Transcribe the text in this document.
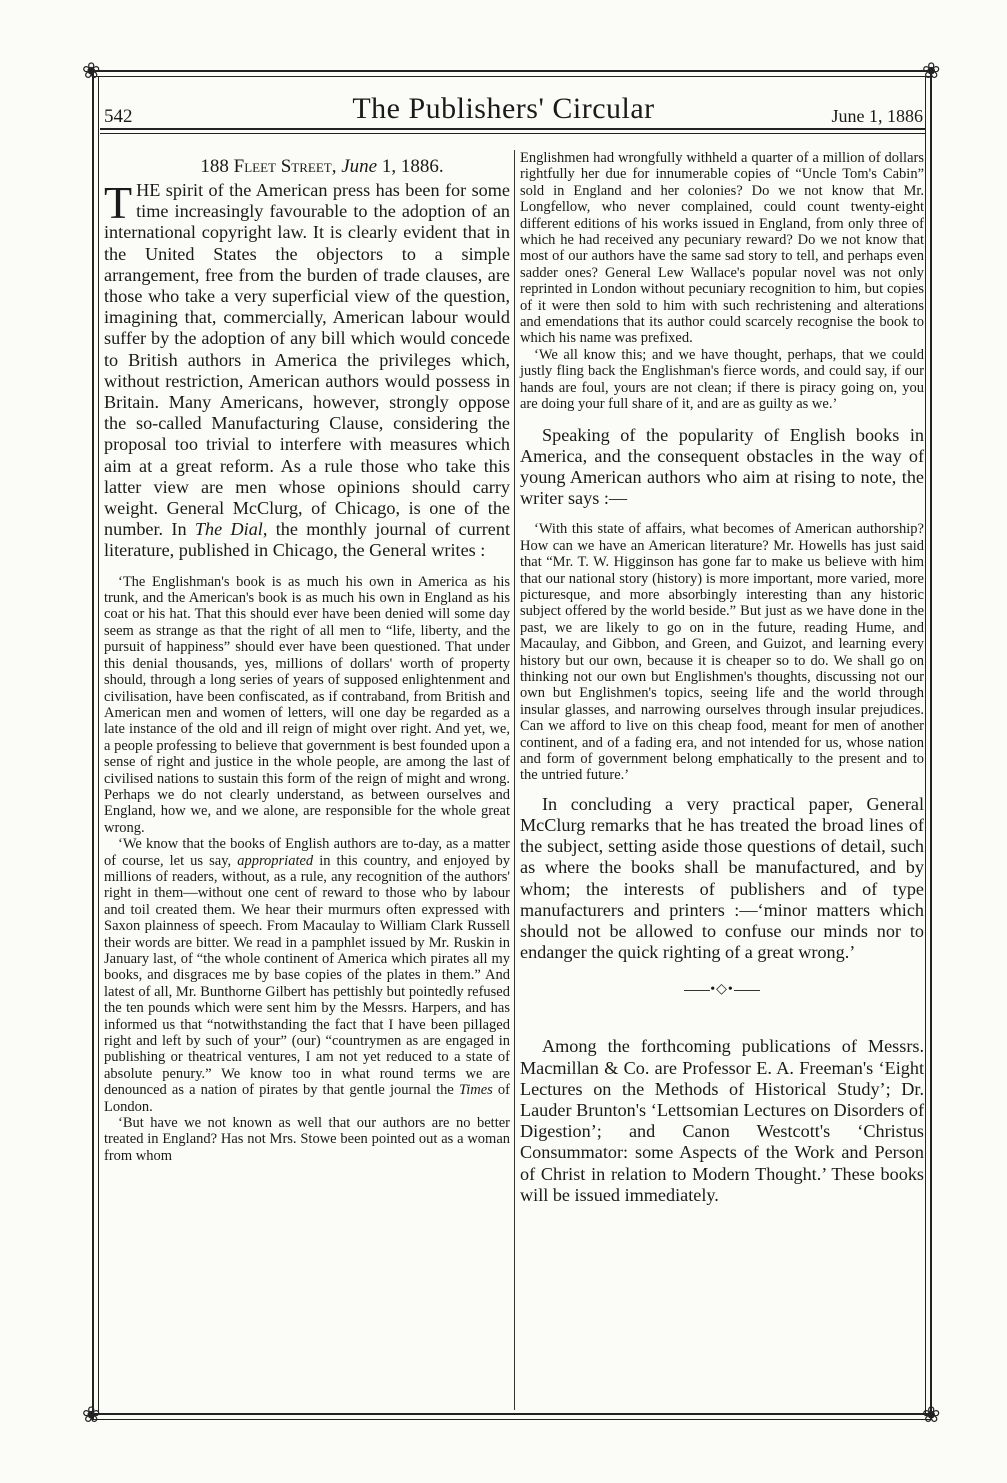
❀	❀
❀	❀
542	The Publishers' Circular	June 1, 1886
188 Fleet Street, June 1, 1886.

THE spirit of the American press has been for some time increasingly favourable to the adoption of an international copyright law. It is clearly evident that in the United States the objectors to a simple arrangement, free from the burden of trade clauses, are those who take a very superficial view of the question, imagining that, commercially, American labour would suffer by the adoption of any bill which would concede to British authors in America the privileges which, without restriction, American authors would possess in Britain. Many Americans, however, strongly oppose the so-called Manufacturing Clause, considering the proposal too trivial to interfere with measures which aim at a great reform. As a rule those who take this latter view are men whose opinions should carry weight. General McClurg, of Chicago, is one of the number. In The Dial, the monthly journal of current literature, published in Chicago, the General writes :

‘The Englishman's book is as much his own in America as his trunk, and the American's book is as much his own in England as his coat or his hat. That this should ever have been denied will some day seem as strange as that the right of all men to “life, liberty, and the pursuit of happiness” should ever have been questioned. That under this denial thousands, yes, millions of dollars' worth of property should, through a long series of years of supposed enlightenment and civilisation, have been confiscated, as if contraband, from British and American men and women of letters, will one day be regarded as a late instance of the old and ill reign of might over right. And yet, we, a people professing to believe that government is best founded upon a sense of right and justice in the whole people, are among the last of civilised nations to sustain this form of the reign of might and wrong. Perhaps we do not clearly understand, as between ourselves and England, how we, and we alone, are responsible for the whole great wrong.

‘We know that the books of English authors are to-day, as a matter of course, let us say, appropriated in this country, and enjoyed by millions of readers, without, as a rule, any recognition of the authors' right in them—without one cent of reward to those who by labour and toil created them. We hear their murmurs often expressed with Saxon plainness of speech. From Macaulay to William Clark Russell their words are bitter. We read in a pamphlet issued by Mr. Ruskin in January last, of “the whole continent of America which pirates all my books, and disgraces me by base copies of the plates in them.” And latest of all, Mr. Bunthorne Gilbert has pettishly but pointedly refused the ten pounds which were sent him by the Messrs. Harpers, and has informed us that “notwithstanding the fact that I have been pillaged right and left by such of your” (our) “countrymen as are engaged in publishing or theatrical ventures, I am not yet reduced to a state of absolute penury.” We know too in what round terms we are denounced as a nation of pirates by that gentle journal the Times of London.

‘But have we not known as well that our authors are no better treated in England? Has not Mrs. Stowe been pointed out as a woman from whom

Englishmen had wrongfully withheld a quarter of a million of dollars rightfully her due for innumerable copies of “Uncle Tom's Cabin” sold in England and her colonies? Do we not know that Mr. Longfellow, who never complained, could count twenty-eight different editions of his works issued in England, from only three of which he had received any pecuniary reward? Do we not know that most of our authors have the same sad story to tell, and perhaps even sadder ones? General Lew Wallace's popular novel was not only reprinted in London without pecuniary recognition to him, but copies of it were then sold to him with such rechristening and alterations and emendations that its author could scarcely recognise the book to which his name was prefixed.

‘We all know this; and we have thought, perhaps, that we could justly fling back the Englishman's fierce words, and could say, if our hands are foul, yours are not clean; if there is piracy going on, you are doing your full share of it, and are as guilty as we.’

Speaking of the popularity of English books in America, and the consequent obstacles in the way of young American authors who aim at rising to note, the writer says :—

‘With this state of affairs, what becomes of American authorship? How can we have an American literature? Mr. Howells has just said that “Mr. T. W. Higginson has gone far to make us believe with him that our national story (history) is more important, more varied, more picturesque, and more absorbingly interesting than any historic subject offered by the world beside.” But just as we have done in the past, we are likely to go on in the future, reading Hume, and Macaulay, and Gibbon, and Green, and Guizot, and learning every history but our own, because it is cheaper so to do. We shall go on thinking not our own but Englishmen's thoughts, discussing not our own but Englishmen's topics, seeing life and the world through insular glasses, and narrowing ourselves through insular prejudices. Can we afford to live on this cheap food, meant for men of another continent, and of a fading era, and not intended for us, whose nation and form of government belong emphatically to the present and to the untried future.’

In concluding a very practical paper, General McClurg remarks that he has treated the broad lines of the subject, setting aside those questions of detail, such as where the books shall be manufactured, and by whom; the interests of publishers and of type manufacturers and printers :—‘minor matters which should not be allowed to confuse our minds nor to endanger the quick righting of a great wrong.’

•◇•

Among the forthcoming publications of Messrs. Macmillan & Co. are Professor E. A. Freeman's ‘Eight Lectures on the Methods of Historical Study’; Dr. Lauder Brunton's ‘Lettsomian Lectures on Disorders of Digestion’; and Canon Westcott's ‘Christus Consummator: some Aspects of the Work and Person of Christ in relation to Modern Thought.’ These books will be issued immediately.
